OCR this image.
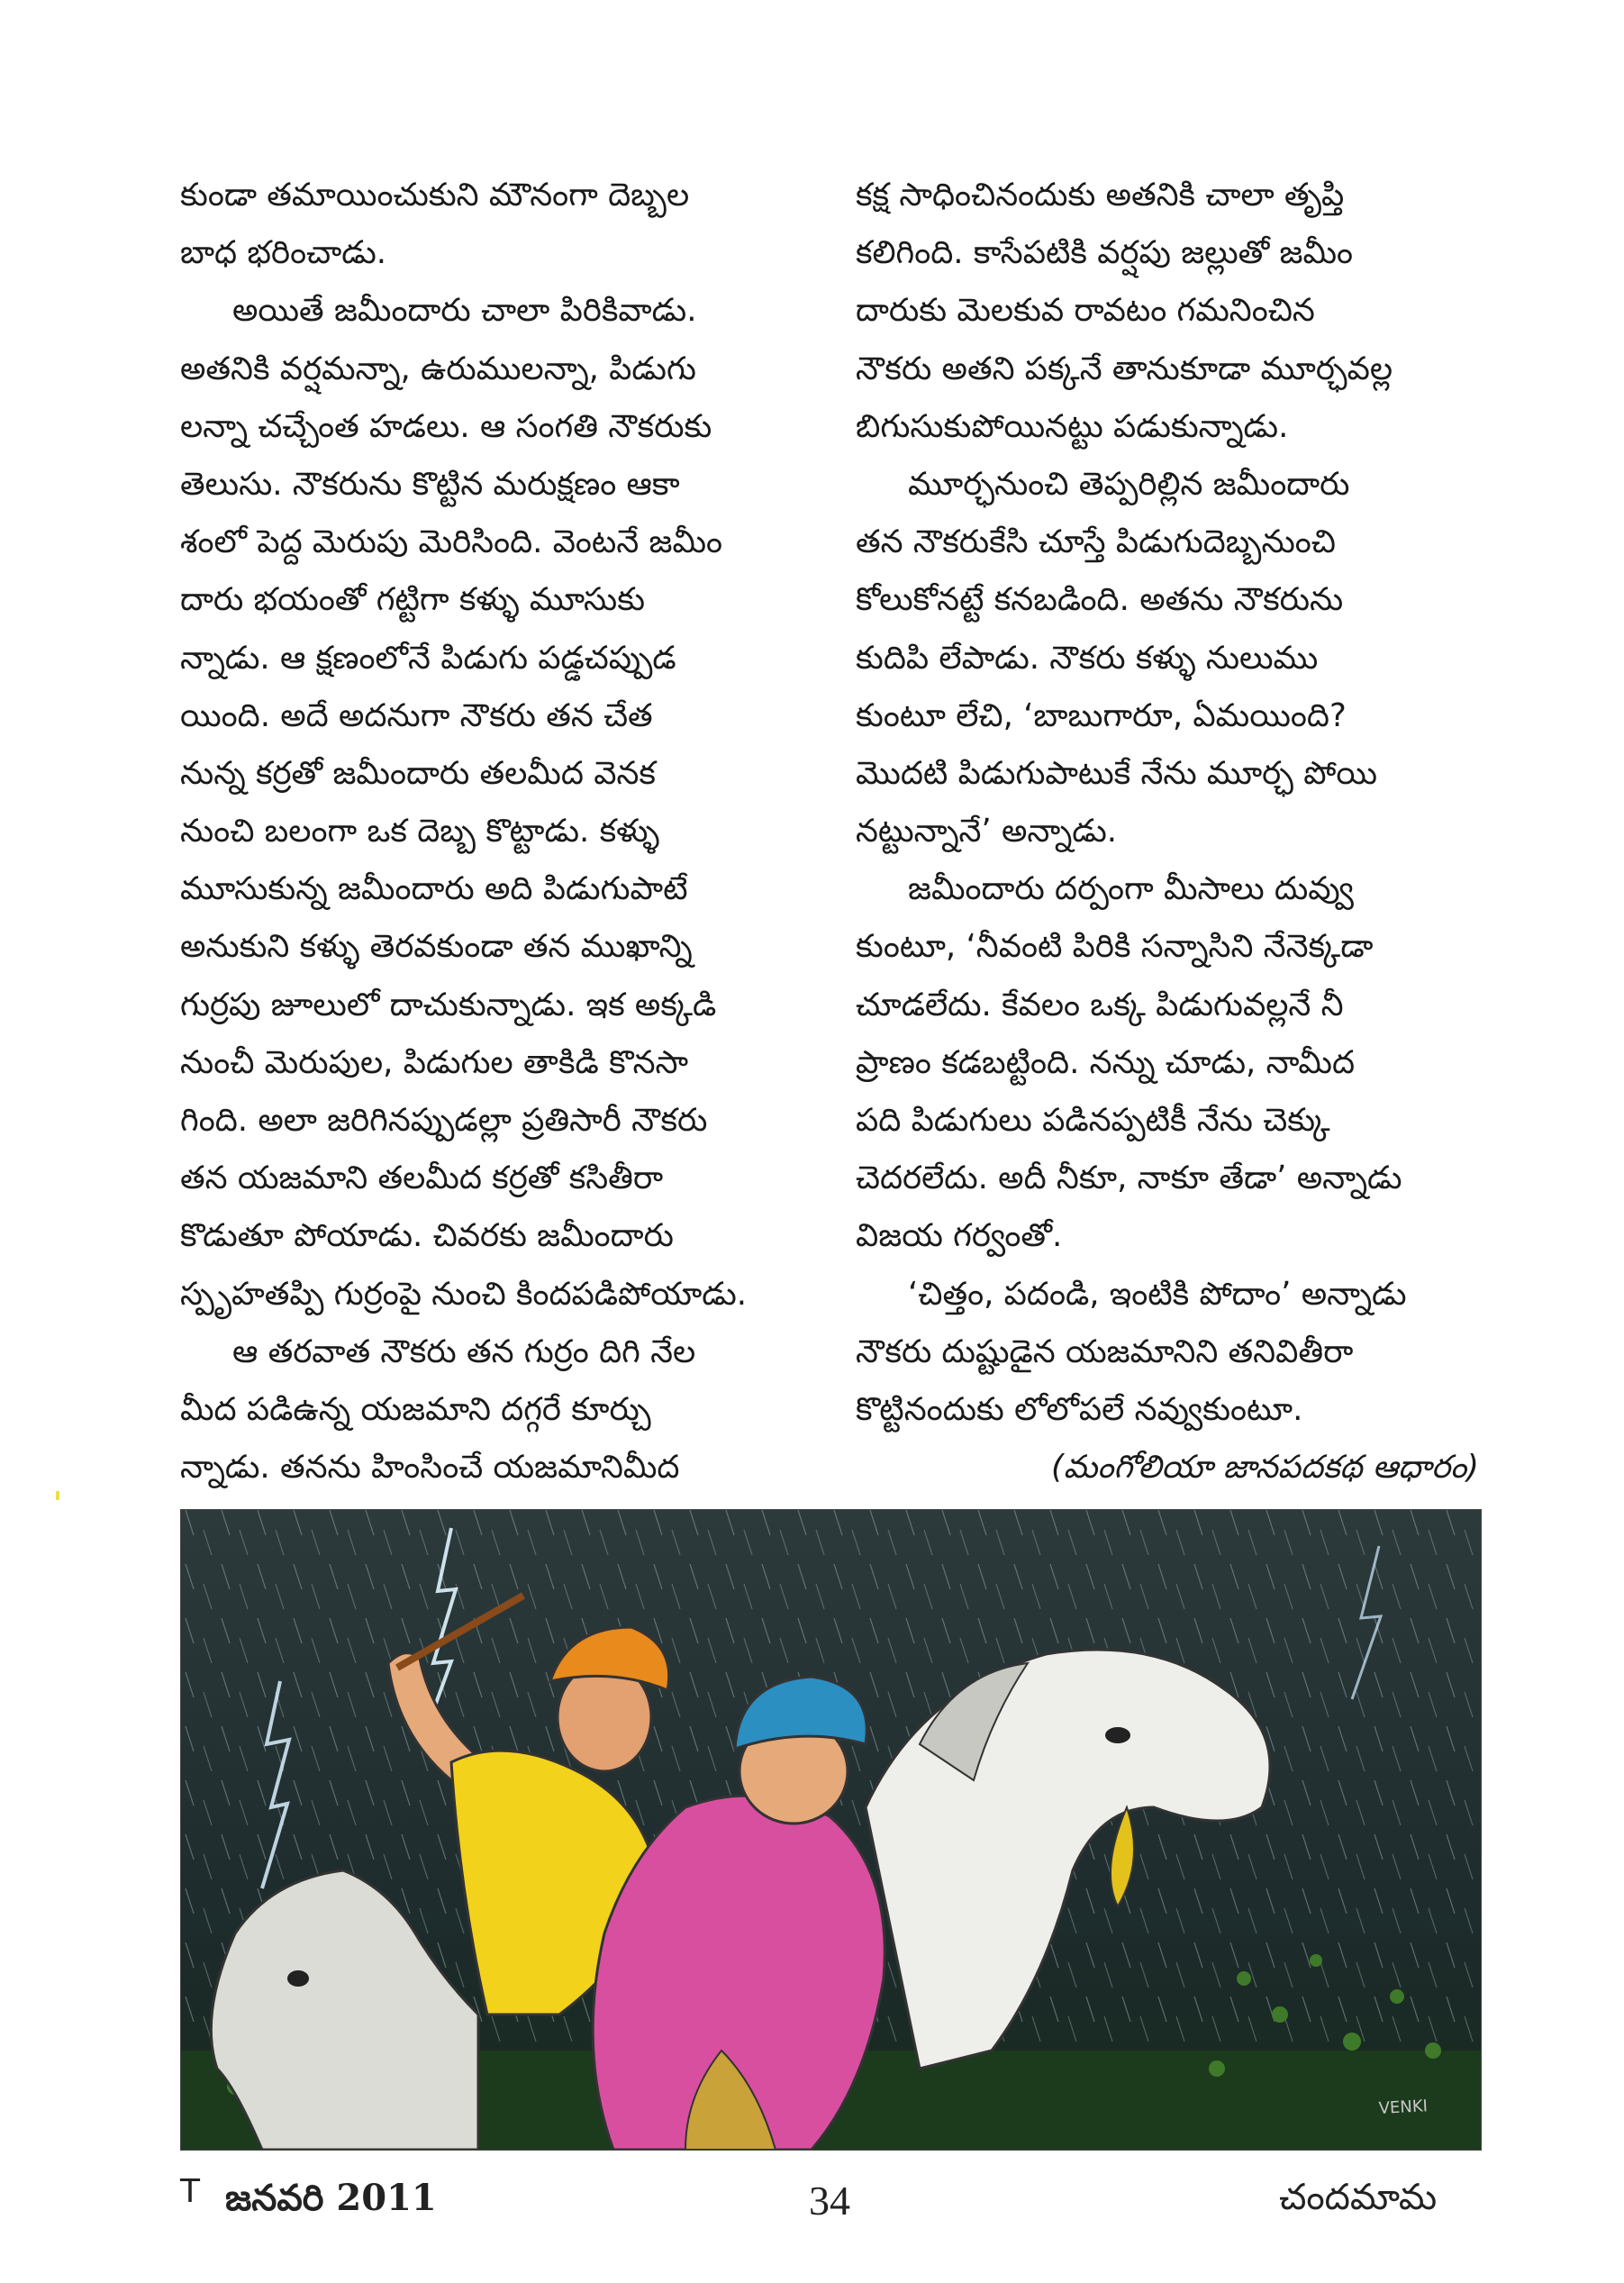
కుండా తమాయించుకుని మౌనంగా దెబ్బల
బాధ భరించాడు.
అయితే జమీందారు చాలా పిరికివాడు.
అతనికి వర్షమన్నా, ఉరుములన్నా, పిడుగు
లన్నా చచ్చేంత హడలు. ఆ సంగతి నౌకరుకు
తెలుసు. నౌకరును కొట్టిన మరుక్షణం ఆకా
శంలో పెద్ద మెరుపు మెరిసింది. వెంటనే జమీం
దారు భయంతో గట్టిగా కళ్ళు మూసుకు
న్నాడు. ఆ క్షణంలోనే పిడుగు పడ్డచప్పుడ
యింది. అదే అదనుగా నౌకరు తన చేత
నున్న కర్రతో జమీందారు తలమీద వెనక
నుంచి బలంగా ఒక దెబ్బ కొట్టాడు. కళ్ళు
మూసుకున్న జమీందారు అది పిడుగుపాటే
అనుకుని కళ్ళు తెరవకుండా తన ముఖాన్ని
గుర్రపు జూలులో దాచుకున్నాడు. ఇక అక్కడి
నుంచీ మెరుపుల, పిడుగుల తాకిడి కొనసా
గింది. అలా జరిగినప్పుడల్లా ప్రతిసారీ నౌకరు
తన యజమాని తలమీద కర్రతో కసితీరా
కొడుతూ పోయాడు. చివరకు జమీందారు
స్పృహతప్పి గుర్రంపై నుంచి కిందపడిపోయాడు.
ఆ తరవాత నౌకరు తన గుర్రం దిగి నేల
మీద పడిఉన్న యజమాని దగ్గరే కూర్చు
న్నాడు. తనను హింసించే యజమానిమీద
కక్ష సాధించినందుకు అతనికి చాలా తృప్తి
కలిగింది. కాసేపటికి వర్షపు జల్లుతో జమీం
దారుకు మెలకువ రావటం గమనించిన
నౌకరు అతని పక్కనే తానుకూడా మూర్ఛవల్ల
బిగుసుకుపోయినట్టు పడుకున్నాడు.
మూర్ఛనుంచి తెప్పరిల్లిన జమీందారు
తన నౌకరుకేసి చూస్తే పిడుగుదెబ్బనుంచి
కోలుకోనట్టే కనబడింది. అతను నౌకరును
కుదిపి లేపాడు. నౌకరు కళ్ళు నులుము
కుంటూ లేచి, ‘బాబుగారూ, ఏమయింది?
మొదటి పిడుగుపాటుకే నేను మూర్ఛ పోయి
నట్టున్నానే’ అన్నాడు.
జమీందారు దర్పంగా మీసాలు దువ్వు
కుంటూ, ‘నీవంటి పిరికి సన్నాసిని నేనెక్కడా
చూడలేదు. కేవలం ఒక్క పిడుగువల్లనే నీ
ప్రాణం కడబట్టింది. నన్ను చూడు, నామీద
పది పిడుగులు పడినప్పటికీ నేను చెక్కు
చెదరలేదు. అదీ నీకూ, నాకూ తేడా’ అన్నాడు
విజయ గర్వంతో.
‘చిత్తం, పదండి, ఇంటికి పోదాం’ అన్నాడు
నౌకరు దుష్టుడైన యజమానిని తనివితీరా
కొట్టినందుకు లోలోపలే నవ్వుకుంటూ.
(మంగోలియా జానపదకథ ఆధారం)
VENKI
T జనవరి 2011	34	చందమామ
